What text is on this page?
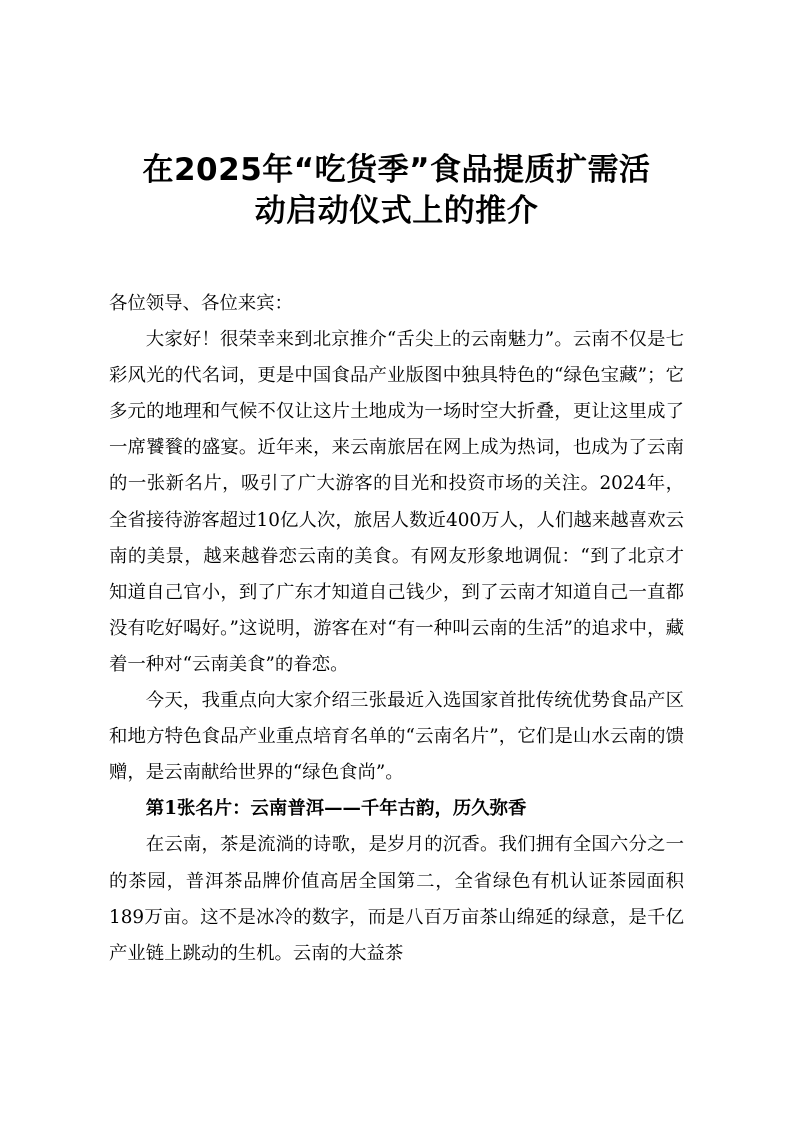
在2025年“吃货季”食品提质扩需活
动启动仪式上的推介

各位领导、各位来宾：

大家好！很荣幸来到北京推介“舌尖上的云南魅力”。云南不仅是七彩风光的代名词，更是中国食品产业版图中独具特色的“绿色宝藏”；它多元的地理和气候不仅让这片土地成为一场时空大折叠，更让这里成了一席饕餮的盛宴。近年来，来云南旅居在网上成为热词，也成为了云南的一张新名片，吸引了广大游客的目光和投资市场的关注。2024年，全省接待游客超过10亿人次，旅居人数近400万人，人们越来越喜欢云南的美景，越来越眷恋云南的美食。有网友形象地调侃：“到了北京才知道自己官小，到了广东才知道自己钱少，到了云南才知道自己一直都没有吃好喝好。”这说明，游客在对“有一种叫云南的生活”的追求中，藏着一种对“云南美食”的眷恋。

今天，我重点向大家介绍三张最近入选国家首批传统优势食品产区和地方特色食品产业重点培育名单的“云南名片”，它们是山水云南的馈赠，是云南献给世界的“绿色食尚”。

第1张名片：云南普洱——千年古韵，历久弥香

在云南，茶是流淌的诗歌，是岁月的沉香。我们拥有全国六分之一的茶园，普洱茶品牌价值高居全国第二，全省绿色有机认证茶园面积189万亩。这不是冰冷的数字，而是八百万亩茶山绵延的绿意，是千亿产业链上跳动的生机。云南的大益茶
